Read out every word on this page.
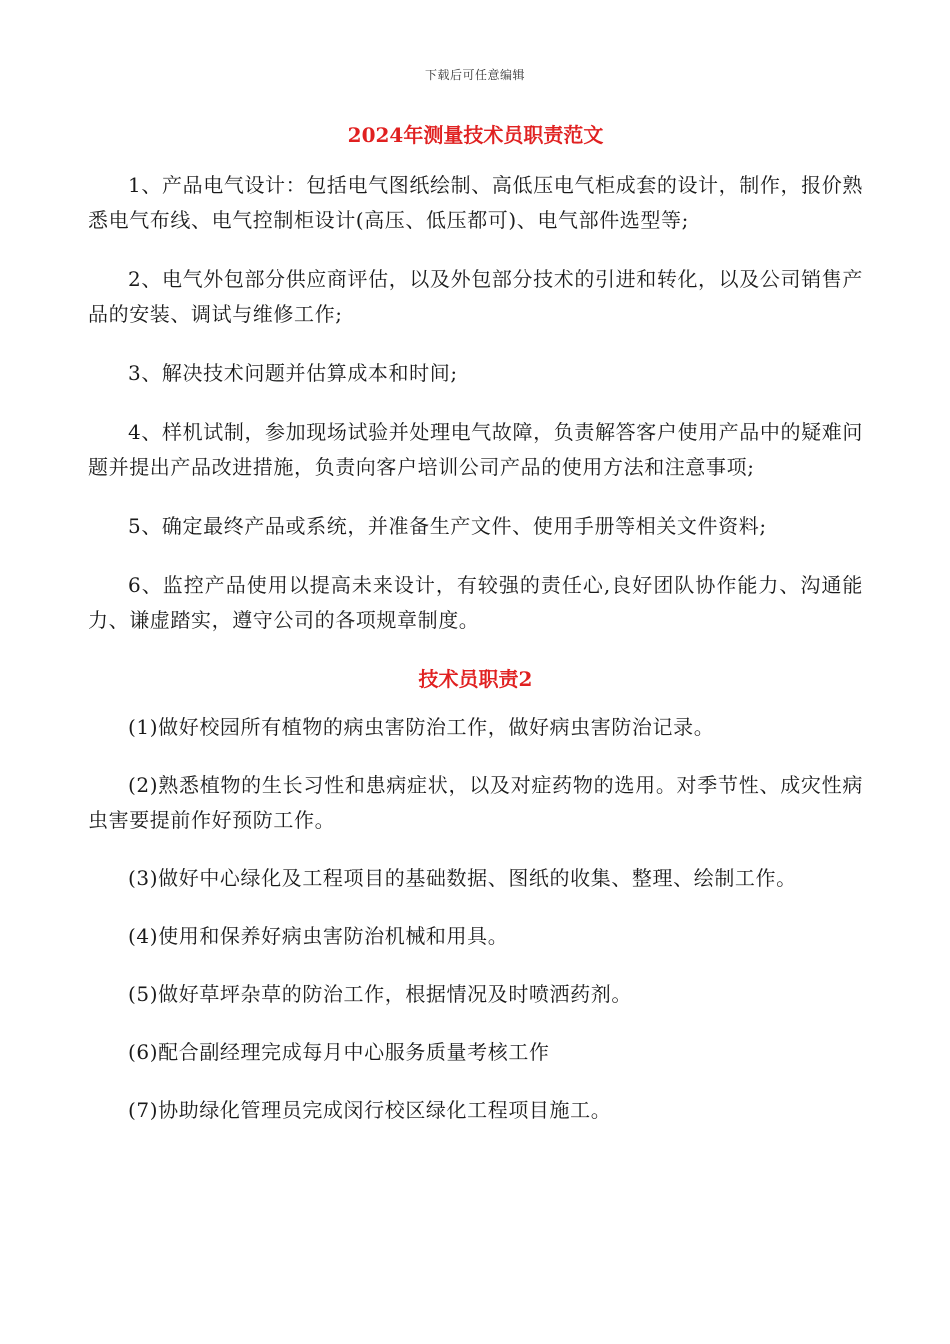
下载后可任意编辑
2024年测量技术员职责范文

1、产品电气设计：包括电气图纸绘制、高低压电气柜成套的设计，制作，报价熟悉电气布线、电气控制柜设计(高压、低压都可)、电气部件选型等;

2、电气外包部分供应商评估，以及外包部分技术的引进和转化，以及公司销售产品的安装、调试与维修工作;

3、解决技术问题并估算成本和时间;

4、样机试制，参加现场试验并处理电气故障，负责解答客户使用产品中的疑难问题并提出产品改进措施，负责向客户培训公司产品的使用方法和注意事项;

5、确定最终产品或系统，并准备生产文件、使用手册等相关文件资料;

6、监控产品使用以提高未来设计，有较强的责任心,良好团队协作能力、沟通能力、谦虚踏实，遵守公司的各项规章制度。

技术员职责2

(1)做好校园所有植物的病虫害防治工作，做好病虫害防治记录。

(2)熟悉植物的生长习性和患病症状，以及对症药物的选用。对季节性、成灾性病虫害要提前作好预防工作。

(3)做好中心绿化及工程项目的基础数据、图纸的收集、整理、绘制工作。

(4)使用和保养好病虫害防治机械和用具。

(5)做好草坪杂草的防治工作，根据情况及时喷洒药剂。

(6)配合副经理完成每月中心服务质量考核工作

(7)协助绿化管理员完成闵行校区绿化工程项目施工。
